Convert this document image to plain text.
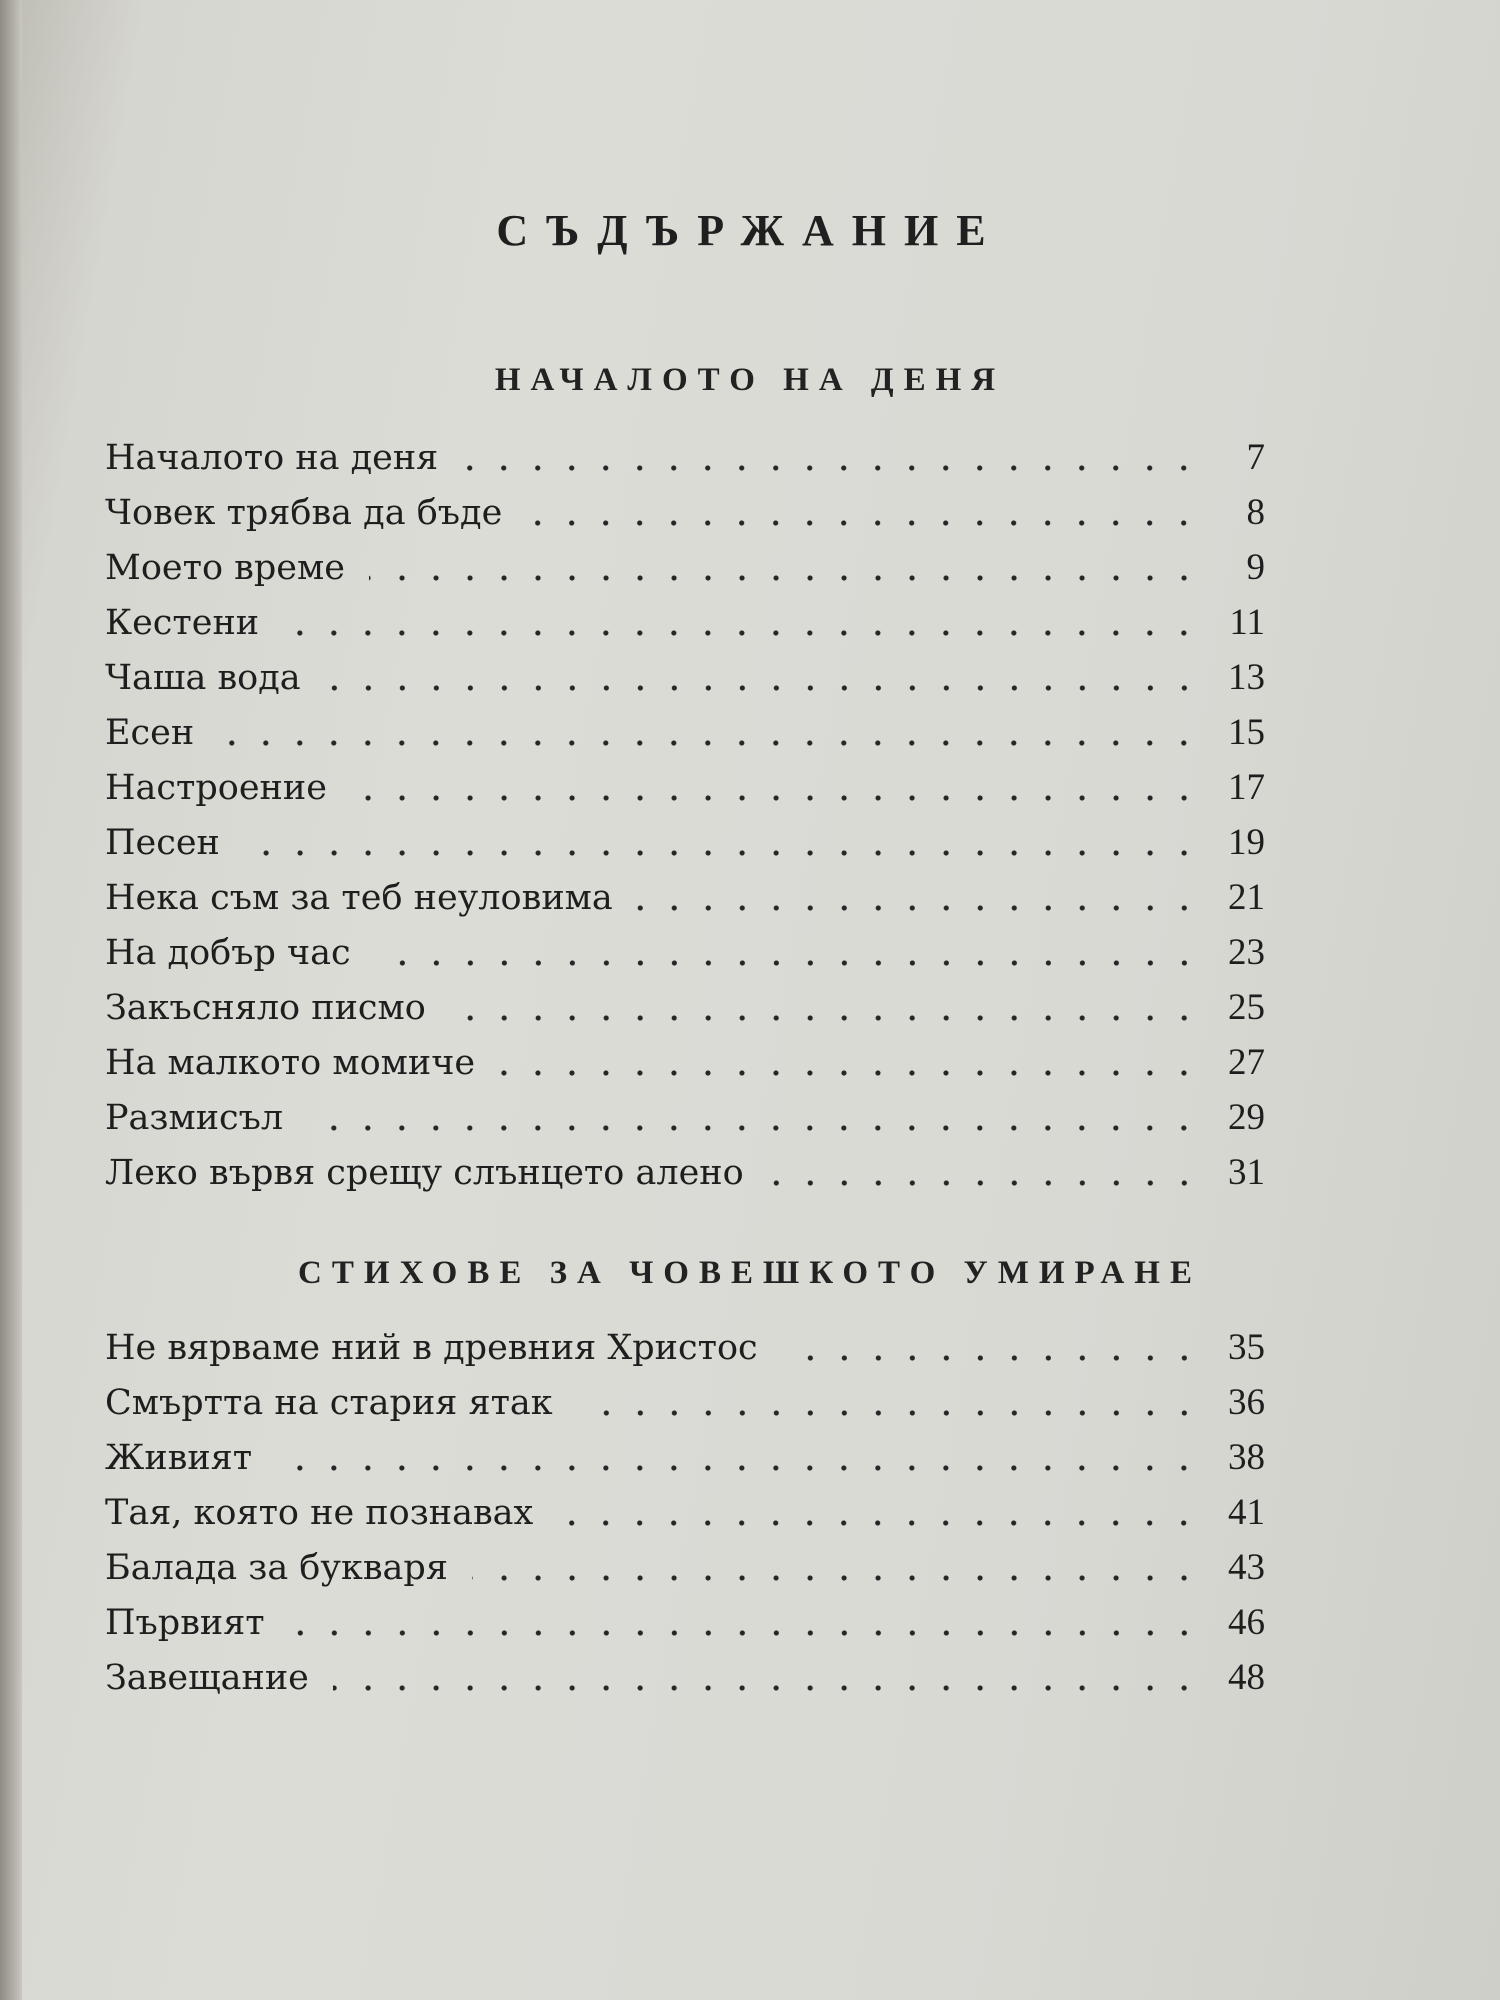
СЪДЪРЖАНИЕ
НАЧАЛОТО НА ДЕНЯ
Началото на деня	7
Човек трябва да бъде	8
Моето време	9
Кестени	11
Чаша вода	13
Есен	15
Настроение	17
Песен	19
Нека съм за теб неуловима	21
На добър час	23
Закъсняло писмо	25
На малкото момиче	27
Размисъл	29
Леко вървя срещу слънцето алено	31
СТИХОВЕ ЗА ЧОВЕШКОТО УМИРАНЕ
Не вярваме ний в древния Христос	35
Смъртта на стария ятак	36
Живият	38
Тая, която не познавах	41
Балада за букваря	43
Първият	46
Завещание	48
